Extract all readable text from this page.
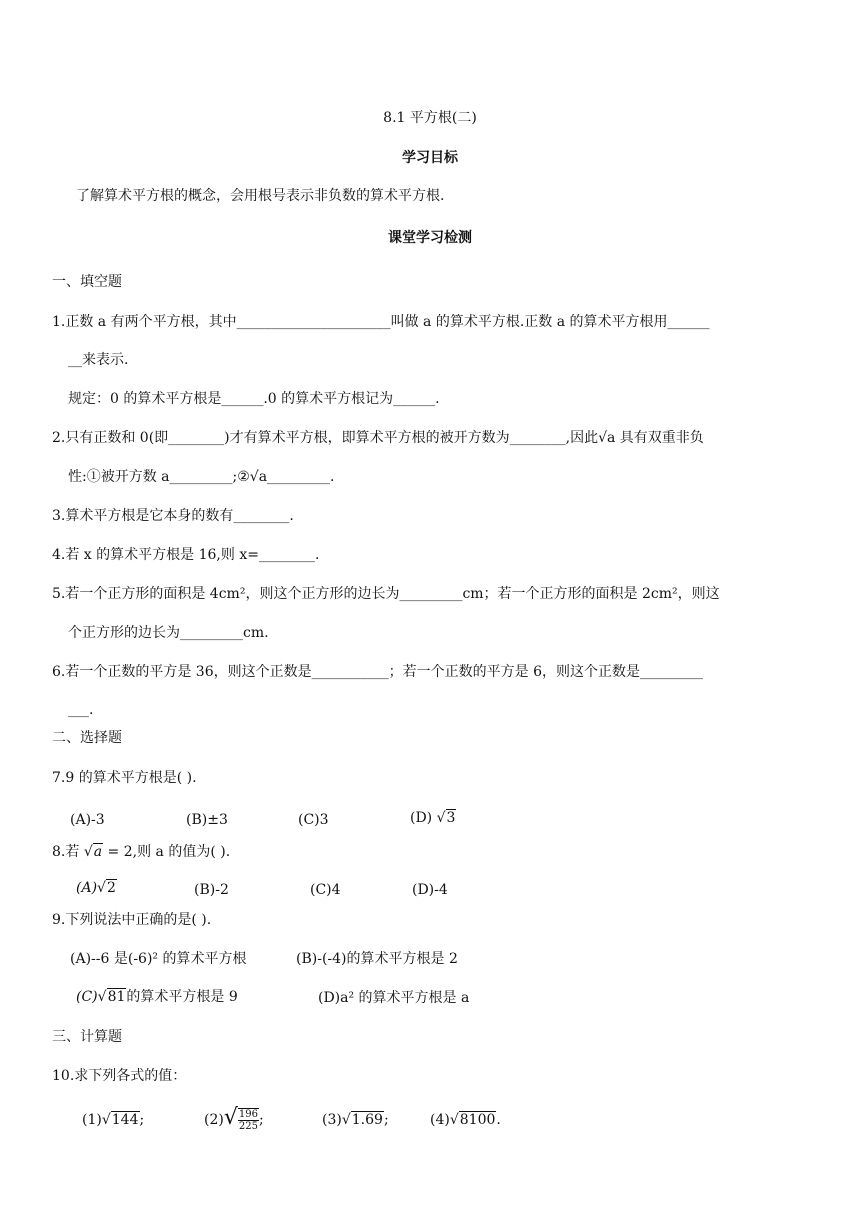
8.1 平方根(二)
学习目标
了解算术平方根的概念，会用根号表示非负数的算术平方根.
课堂学习检测
一、填空题
1.正数 a 有两个平方根，其中______________________叫做 a 的算术平方根.正数 a 的算术平方根用______
__来表示.
规定：0 的算术平方根是______.0 的算术平方根记为______.
2.只有正数和 0(即________)才有算术平方根，即算术平方根的被开方数为________,因此√a 具有双重非负
性:①被开方数 a_________;②√a_________.
3.算术平方根是它本身的数有________.
4.若 x 的算术平方根是 16,则 x=________.
5.若一个正方形的面积是 4cm²，则这个正方形的边长为_________cm；若一个正方形的面积是 2cm²，则这
个正方形的边长为_________cm.
6.若一个正数的平方是 36，则这个正数是___________；若一个正数的平方是 6，则这个正数是_________
___.
二、选择题
7.9 的算术平方根是( ).
(A)-3	(B)±3	(C)3	(D) √3
8.若 √a = 2,则 a 的值为( ).
(A)√2	(B)-2	(C)4	(D)-4
9.下列说法中正确的是( ).
(A)--6 是(-6)² 的算术平方根	(B)-(-4)的算术平方根是 2
(C)√81的算术平方根是 9	(D)a² 的算术平方根是 a
三、计算题
10.求下列各式的值：
(1)√144;	$(2)√ \frac{196}{225}$ ;	(3)√1.69;	(4)√8100.
